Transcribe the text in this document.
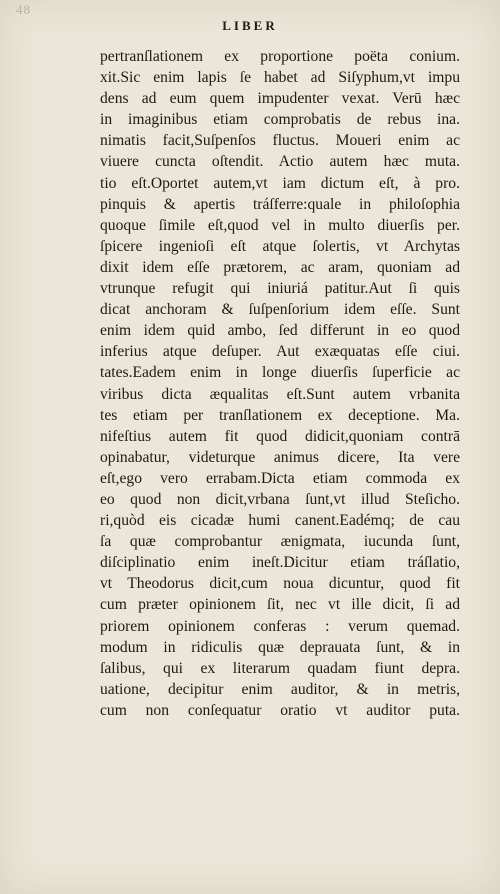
48
LIBER
pertranſlationem ex proportione poëta conium.
xit.Sic enim lapis ſe habet ad Siſyphum,vt impu
dens ad eum quem impudenter vexat. Verū hæc
in imaginibus etiam comprobatis de rebus ina.
nimatis facit,Suſpenſos fluctus. Moueri enim ac
viuere cuncta oſtendit. Actio autem hæc muta.
tio eſt.Oportet autem,vt iam dictum eſt, à pro.
pinquis & apertis tráſferre:quale in philoſophia
quoque ſimile eſt,quod vel in multo diuerſis per.
ſpicere ingenioſi eſt atque ſolertis, vt Archytas
dixit idem eſſe prætorem, ac aram, quoniam ad
vtrunque refugit qui iniuriá patitur.Aut ſi quis
dicat anchoram & ſuſpenſorium idem eſſe. Sunt
enim idem quid ambo, ſed differunt in eo quod
inferius atque deſuper. Aut exæquatas eſſe ciui.
tates.Eadem enim in longe diuerſis ſuperficie ac
viribus dicta æqualitas eſt.Sunt autem vrbanita
tes etiam per tranſlationem ex deceptione. Ma.
nifeſtius autem fit quod didicit,quoniam contrā
opinabatur, videturque animus dicere, Ita vere
eſt,ego vero errabam.Dicta etiam commoda ex
eo quod non dicit,vrbana ſunt,vt illud Steſicho.
ri,quòd eis cicadæ humi canent.Eadémq; de cau
ſa quæ comprobantur ænigmata, iucunda ſunt,
diſciplinatio enim ineſt.Dicitur etiam tráſlatio,
vt Theodorus dicit,cum noua dicuntur, quod fit
cum præter opinionem ſit, nec vt ille dicit, ſi ad
priorem opinionem conferas : verum quemad.
modum in ridiculis quæ deprauata ſunt, & in
ſalibus, qui ex literarum quadam fiunt depra.
uatione, decipitur enim auditor, & in metris,
cum non conſequatur oratio vt auditor puta.
